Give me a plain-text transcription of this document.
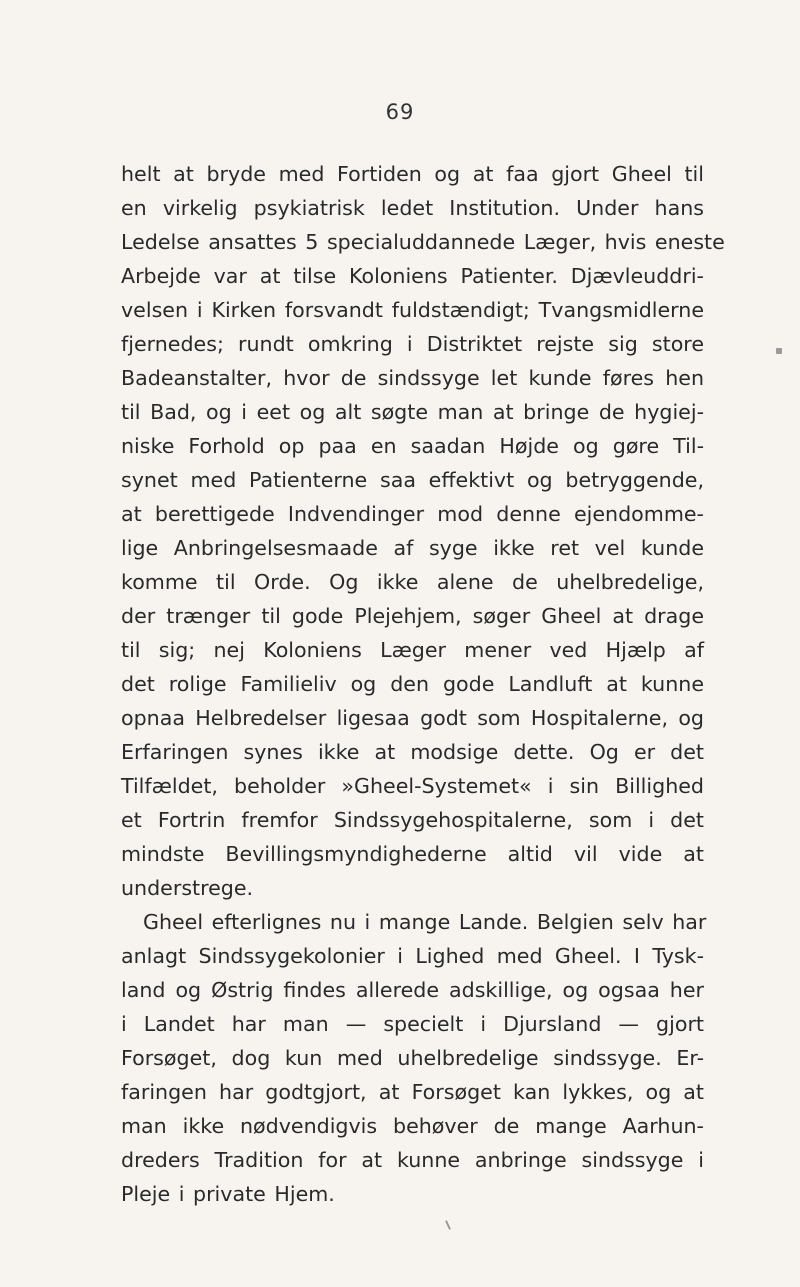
69
helt at bryde med Fortiden og at faa gjort Gheel til
en virkelig psykiatrisk ledet Institution. Under hans
Ledelse ansattes 5 specialuddannede Læger, hvis eneste
Arbejde var at tilse Koloniens Patienter. Djævleuddri-
velsen i Kirken forsvandt fuldstændigt; Tvangsmidlerne
fjernedes; rundt omkring i Distriktet rejste sig store
Badeanstalter, hvor de sindssyge let kunde føres hen
til Bad, og i eet og alt søgte man at bringe de hygiej-
niske Forhold op paa en saadan Højde og gøre Til-
synet med Patienterne saa effektivt og betryggende,
at berettigede Indvendinger mod denne ejendomme-
lige Anbringelsesmaade af syge ikke ret vel kunde
komme til Orde. Og ikke alene de uhelbredelige,
der trænger til gode Plejehjem, søger Gheel at drage
til sig; nej Koloniens Læger mener ved Hjælp af
det rolige Familieliv og den gode Landluft at kunne
opnaa Helbredelser ligesaa godt som Hospitalerne, og
Erfaringen synes ikke at modsige dette. Og er det
Tilfældet, beholder »Gheel-Systemet« i sin Billighed
et Fortrin fremfor Sindssygehospitalerne, som i det
mindste Bevillingsmyndighederne altid vil vide at
understrege.
Gheel efterlignes nu i mange Lande. Belgien selv har
anlagt Sindssygekolonier i Lighed med Gheel. I Tysk-
land og Østrig findes allerede adskillige, og ogsaa her
i Landet har man — specielt i Djursland — gjort
Forsøget, dog kun med uhelbredelige sindssyge. Er-
faringen har godtgjort, at Forsøget kan lykkes, og at
man ikke nødvendigvis behøver de mange Aarhun-
dreders Tradition for at kunne anbringe sindssyge i
Pleje i private Hjem.
